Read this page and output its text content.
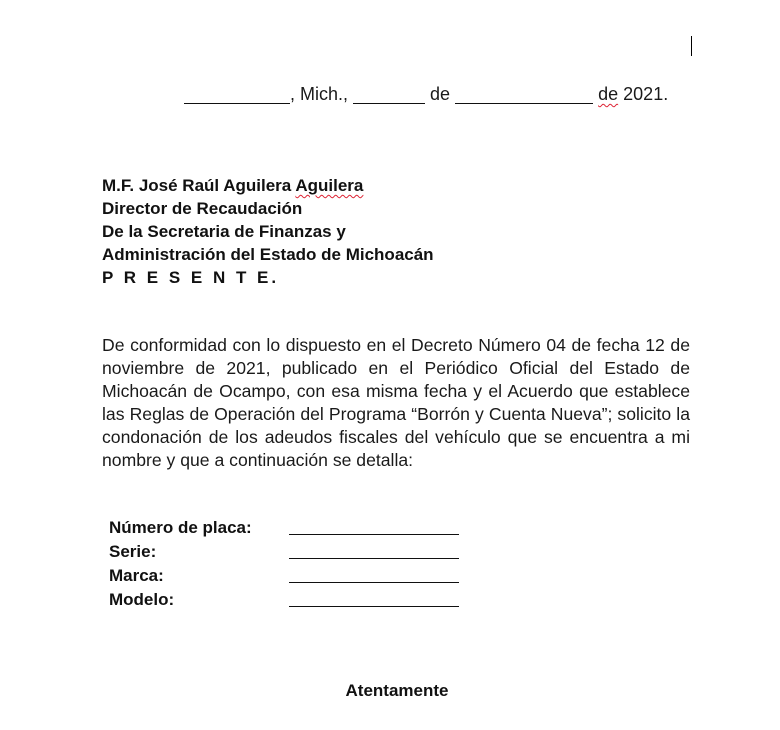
, Mich.,	de	de 2021.
M.F. José Raúl Aguilera Aguilera
Director de Recaudación
De la Secretaria de Finanzas y
Administración del Estado de Michoacán
P R E S E N T E.
De conformidad con lo dispuesto en el Decreto Número 04 de fecha 12 de noviembre de 2021, publicado en el Periódico Oficial del Estado de Michoacán de Ocampo, con esa misma fecha y el Acuerdo que establece las Reglas de Operación del Programa “Borrón y Cuenta Nueva”; solicito la condonación de los adeudos fiscales del vehículo que se encuentra a mi nombre y que a continuación se detalla:
Número de placa:
Serie:
Marca:
Modelo:
Atentamente
